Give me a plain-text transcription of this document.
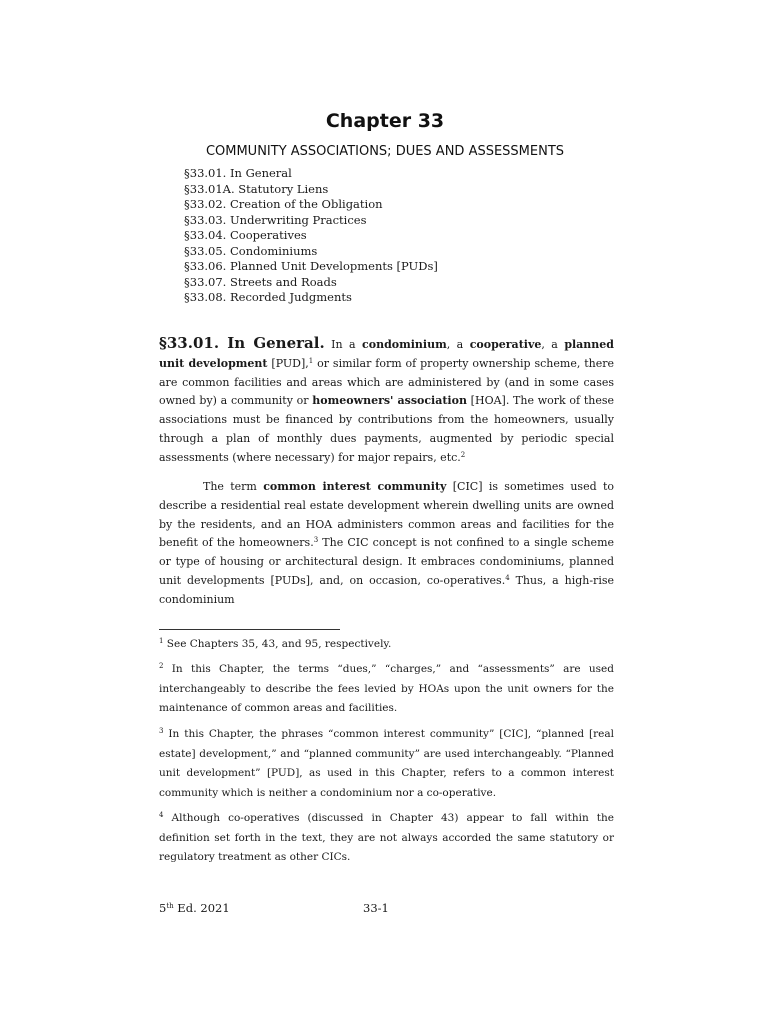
Chapter 33
COMMUNITY ASSOCIATIONS; DUES AND ASSESSMENTS
§33.01. In General
§33.01A. Statutory Liens
§33.02. Creation of the Obligation
§33.03. Underwriting Practices
§33.04. Cooperatives
§33.05. Condominiums
§33.06. Planned Unit Developments [PUDs]
§33.07. Streets and Roads
§33.08. Recorded Judgments

§33.01. In General. In a condominium, a cooperative, a planned unit development [PUD],$^1$ or similar form of property ownership scheme, there are common facilities and areas which are administered by (and in some cases owned by) a community or homeowners' association [HOA]. The work of these associations must be financed by contributions from the homeowners, usually through a plan of monthly dues payments, augmented by periodic special assessments (where necessary) for major repairs, etc.$^2$

The term common interest community [CIC] is sometimes used to describe a residential real estate development wherein dwelling units are owned by the residents, and an HOA administers common areas and facilities for the benefit of the homeowners.$^3$ The CIC concept is not confined to a single scheme or type of housing or architectural design. It embraces condominiums, planned unit developments [PUDs], and, on occasion, co-operatives.$^4$ Thus, a high-rise condominium

$^1$ See Chapters 35, 43, and 95, respectively.

$^2$ In this Chapter, the terms “dues,” “charges,” and “assessments” are used interchangeably to describe the fees levied by HOAs upon the unit owners for the maintenance of common areas and facilities.

$^3$ In this Chapter, the phrases “common interest community” [CIC], “planned [real estate] development,” and “planned community” are used interchangeably. “Planned unit development” [PUD], as used in this Chapter, refers to a common interest community which is neither a condominium nor a co-operative.

$^4$ Although co-operatives (discussed in Chapter 43) appear to fall within the definition set forth in the text, they are not always accorded the same statutory or regulatory treatment as other CICs.

5th Ed. 2021	33-1
